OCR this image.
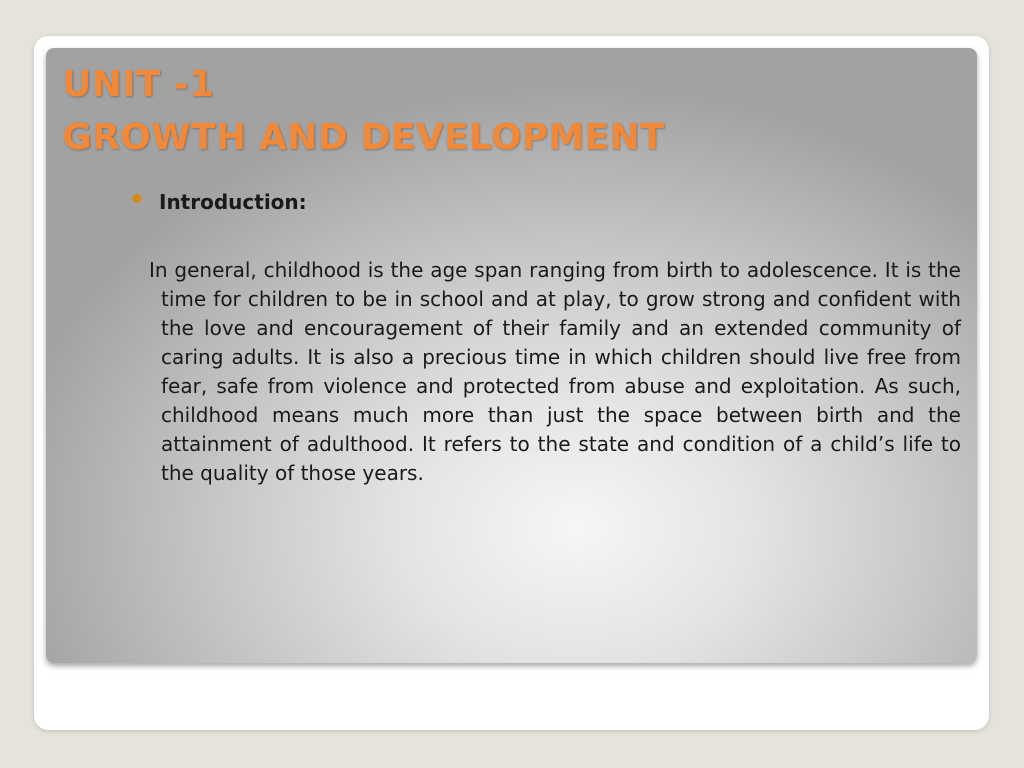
UNIT -1
GROWTH AND DEVELOPMENT
Introduction:

In general, childhood is the age span ranging from birth to adolescence. It is the time for children to be in school and at play, to grow strong and confident with the love and encouragement of their family and an extended community of caring adults. It is also a precious time in which children should live free from fear, safe from violence and protected from abuse and exploitation. As such, childhood means much more than just the space between birth and the attainment of adulthood. It refers to the state and condition of a child’s life to the quality of those years.
